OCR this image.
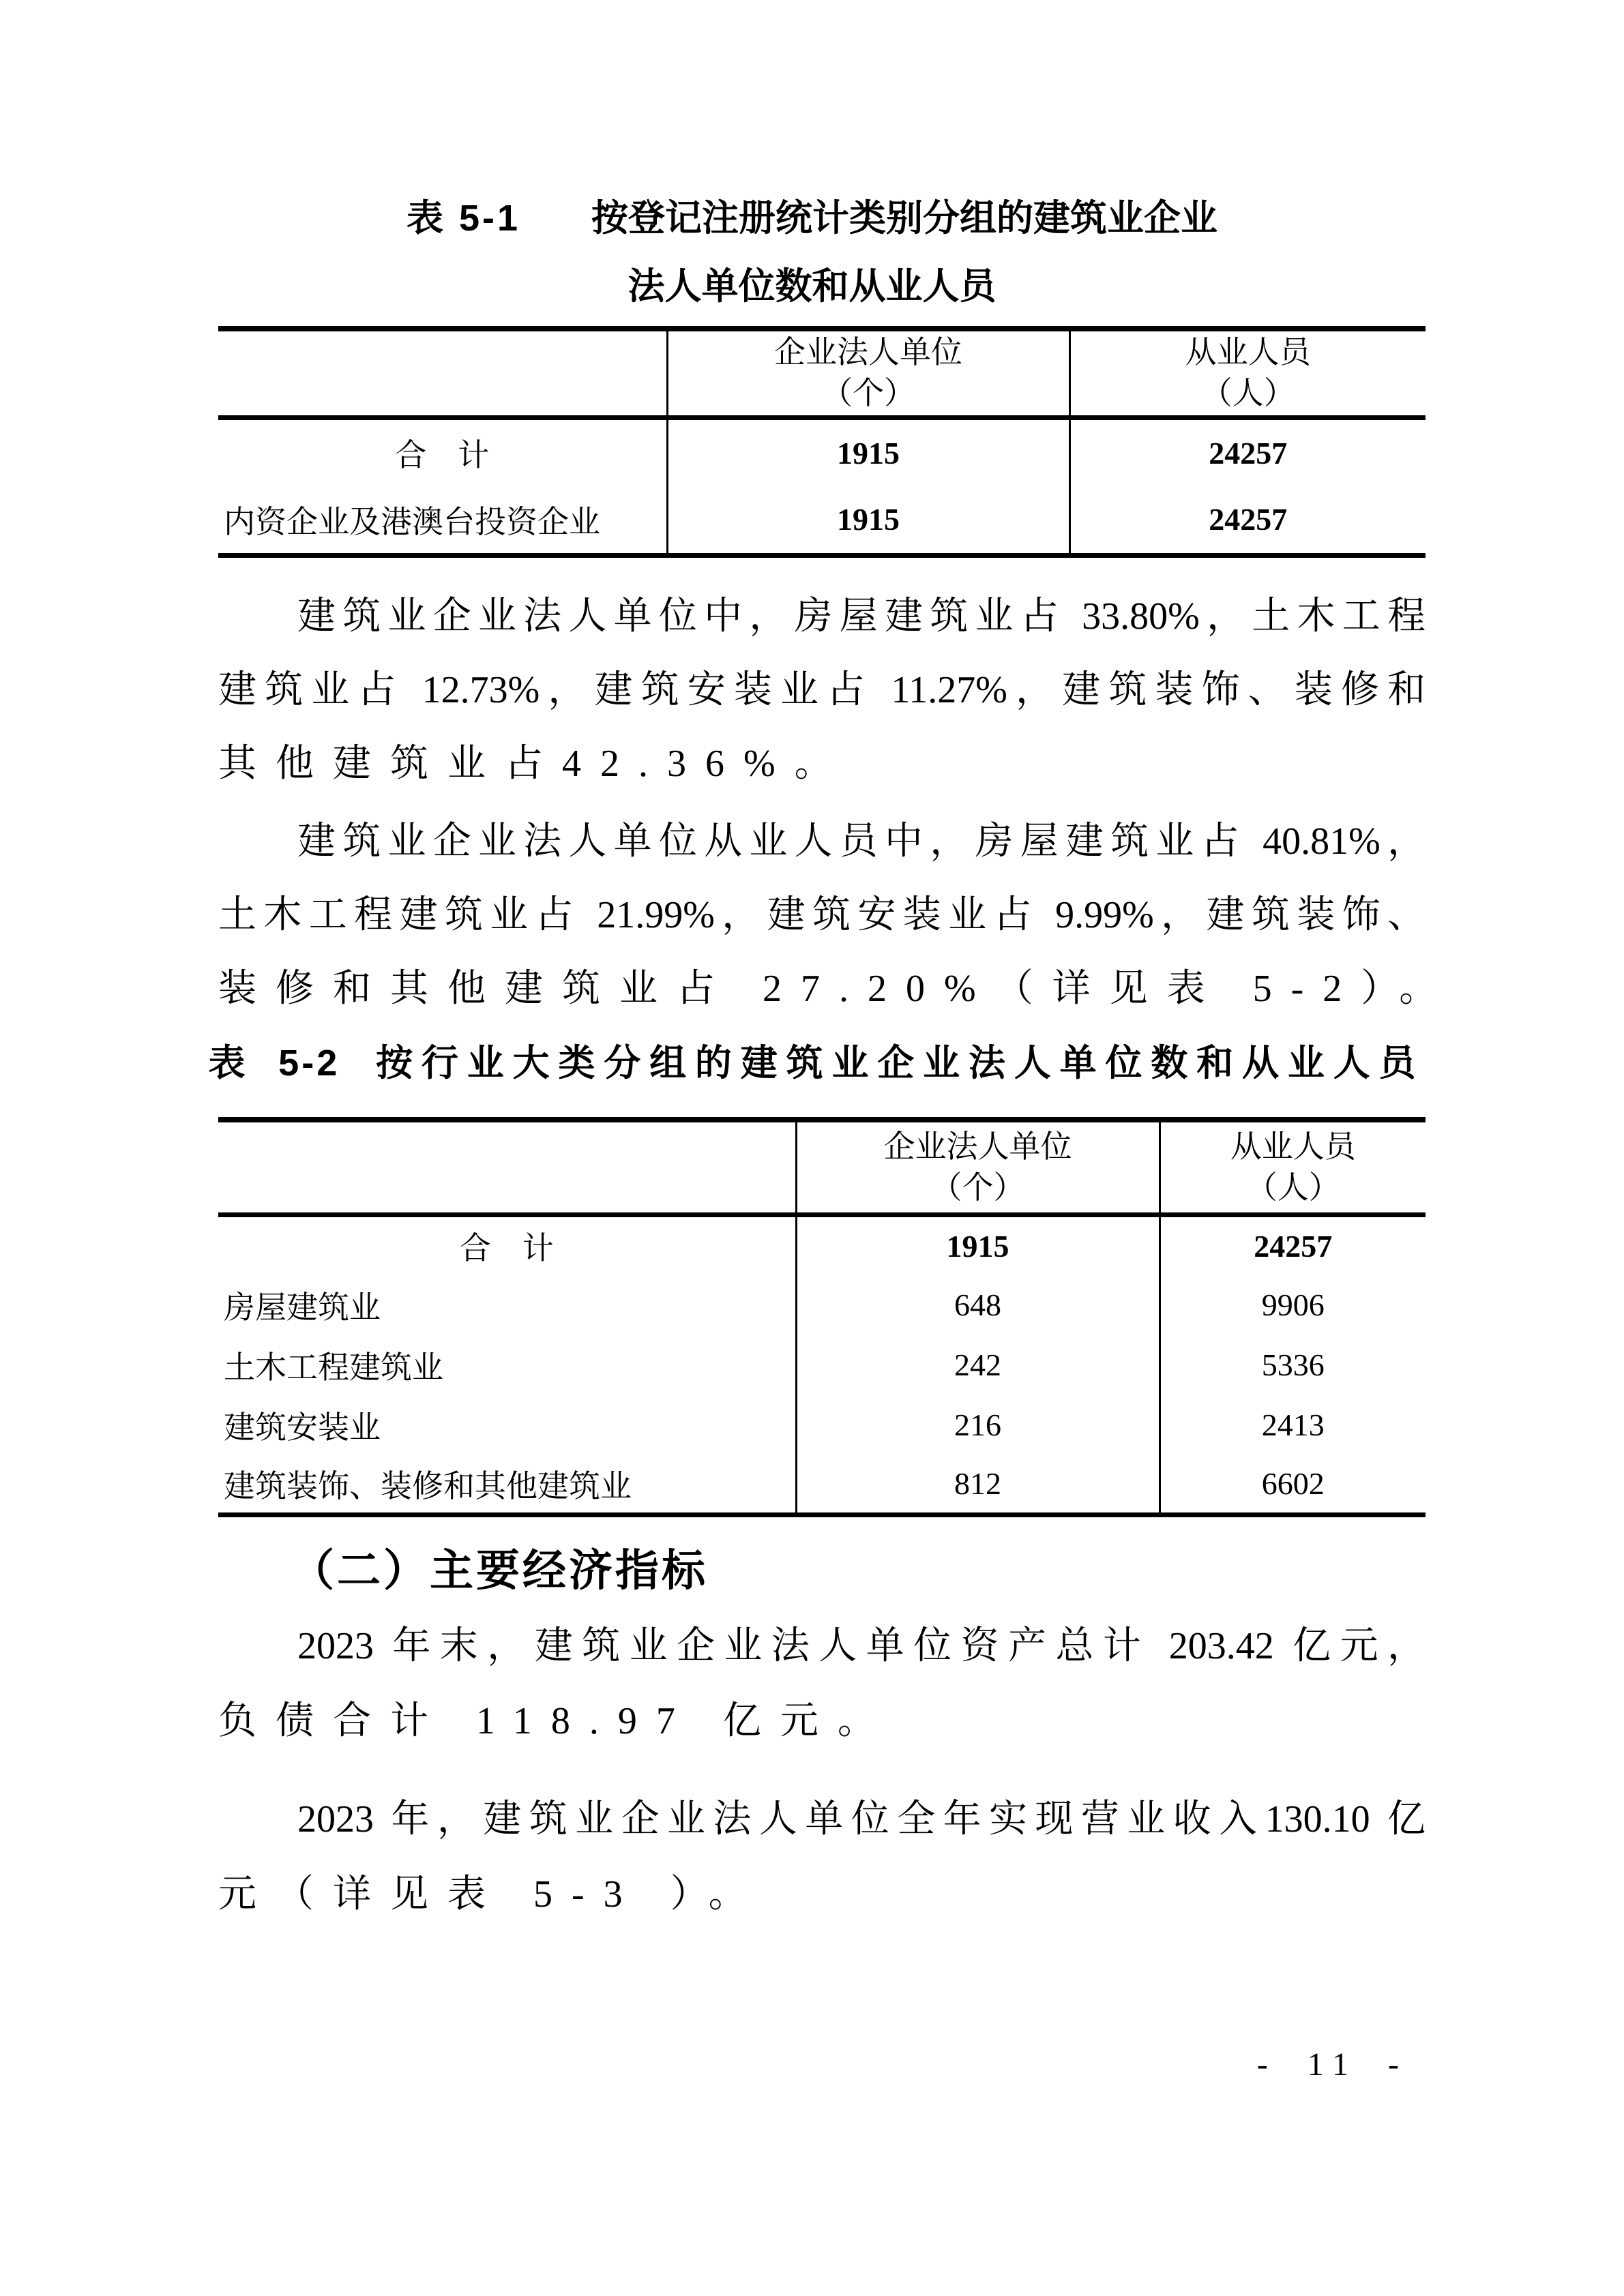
表 5-1 按登记注册统计类别分组的建筑业企业
法人单位数和从业人员

企业法人单位
（个）

从业人员
（人）

合　计	1915	24257
内资企业及港澳台投资企业	1915	24257
建筑业企业法人单位中，房屋建筑业占 33.80%，土木工程
建筑业占 12.73%，建筑安装业占 11.27%，建筑装饰、装修和
其他建筑业占42.36%。
建筑业企业法人单位从业人员中，房屋建筑业占 40.81%，
土木工程建筑业占 21.99%，建筑安装业占 9.99%，建筑装饰、
装修和其他建筑业占 27.20%（详见表 5-2）。
表 5-2 按行业大类分组的建筑业企业法人单位数和从业人员

企业法人单位
（个）

从业人员
（人）

合　计	1915	24257
房屋建筑业	648	9906
土木工程建筑业	242	5336
建筑安装业	216	2413
建筑装饰、装修和其他建筑业	812	6602
（二）主要经济指标
2023 年末，建筑业企业法人单位资产总计 203.42 亿元，
负债合计 118.97 亿元。
2023 年，建筑业企业法人单位全年实现营业收入130.10 亿
元（详见表 5-3 ）。
- 11 -
